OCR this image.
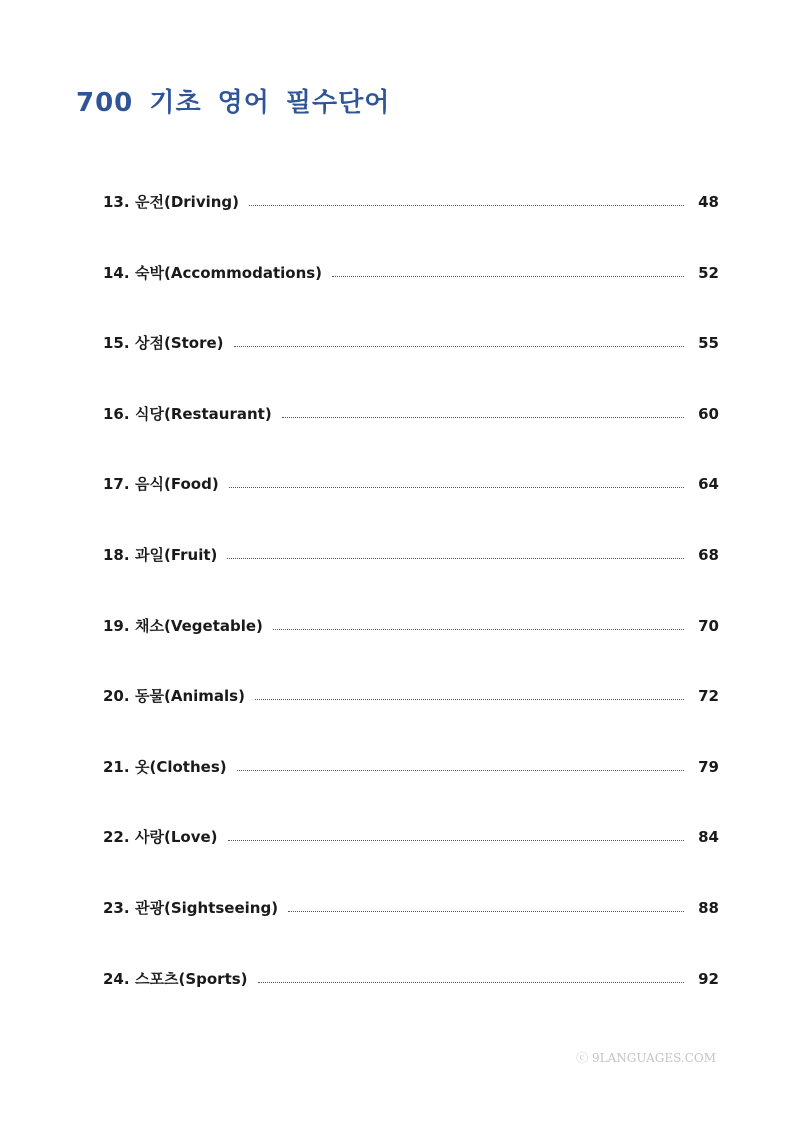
700 기초 영어 필수단어
13. 운전(Driving)	48
14. 숙박(Accommodations)	52
15. 상점(Store)	55
16. 식당(Restaurant)	60
17. 음식(Food)	64
18. 과일(Fruit)	68
19. 채소(Vegetable)	70
20. 동물(Animals)	72
21. 옷(Clothes)	79
22. 사랑(Love)	84
23. 관광(Sightseeing)	88
24. 스포츠(Sports)	92
ⓒ 9LANGUAGES.COM
